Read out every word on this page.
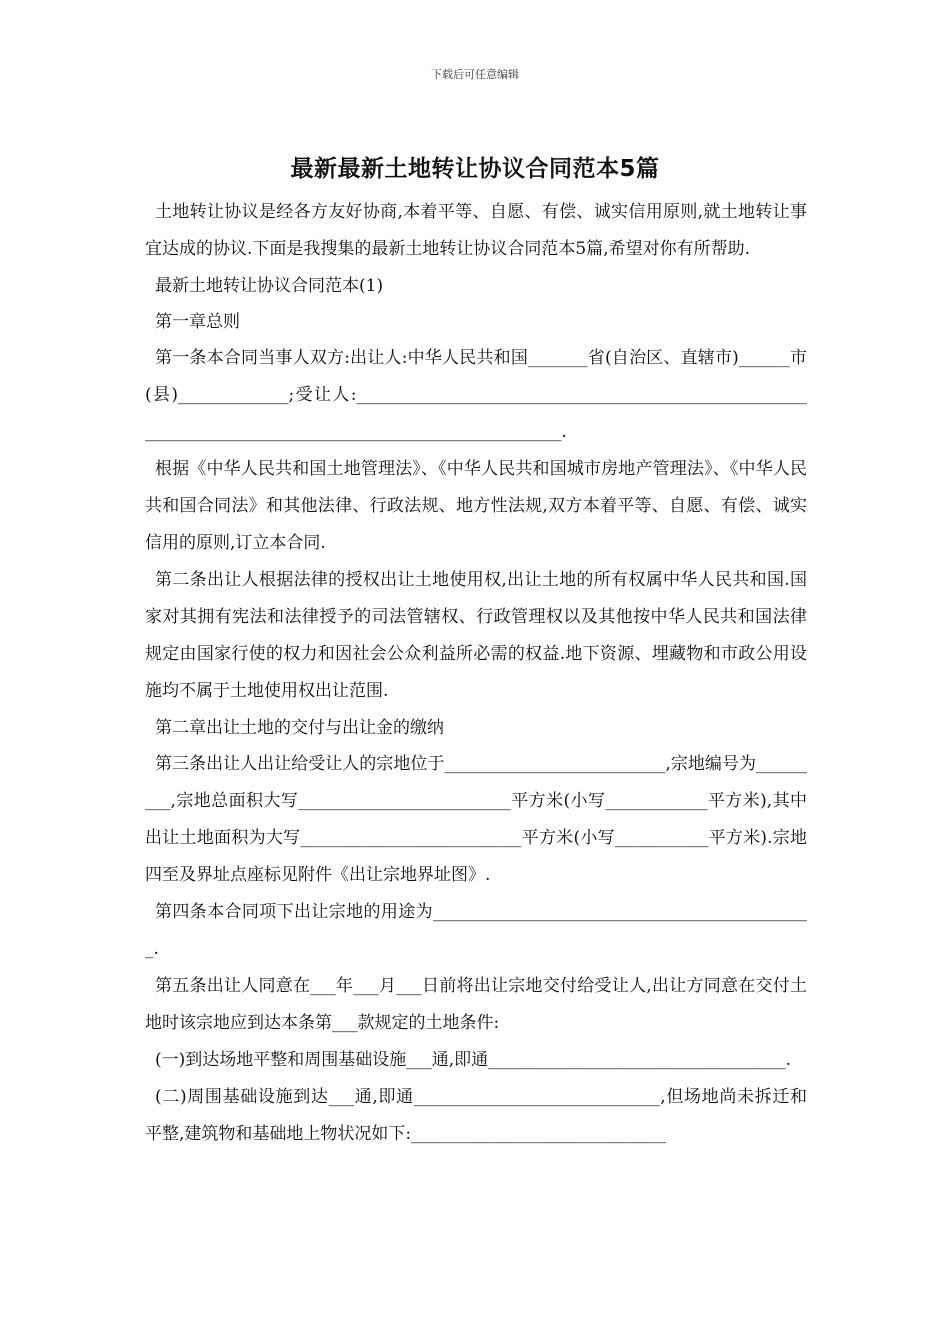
下载后可任意编辑
最新最新土地转让协议合同范本5篇

土地转让协议是经各方友好协商,本着平等、自愿、有偿、诚实信用原则,就土地转让事宜达成的协议.下面是我搜集的最新土地转让协议合同范本5篇,希望对你有所帮助.

最新土地转让协议合同范本(1)

第一章总则

第一条本合同当事人双方:出让人:中华人民共和国_______省(自治区、直辖市)______市(县)_____________;受让人:______________________________________________________________________________________________________.

根据《中华人民共和国土地管理法》、《中华人民共和国城市房地产管理法》、《中华人民共和国合同法》和其他法律、行政法规、地方性法规,双方本着平等、自愿、有偿、诚实信用的原则,订立本合同.

第二条出让人根据法律的授权出让土地使用权,出让土地的所有权属中华人民共和国.国家对其拥有宪法和法律授予的司法管辖权、行政管理权以及其他按中华人民共和国法律规定由国家行使的权力和因社会公众利益所必需的权益.地下资源、埋藏物和市政公用设施均不属于土地使用权出让范围.

第二章出让土地的交付与出让金的缴纳

第三条出让人出让给受让人的宗地位于__________________________,宗地编号为_________,宗地总面积大写_________________________平方米(小写____________平方米),其中出让土地面积为大写__________________________平方米(小写___________平方米).宗地四至及界址点座标见附件《出让宗地界址图》.

第四条本合同项下出让宗地的用途为_____________________________________________.

第五条出让人同意在___年___月___日前将出让宗地交付给受让人,出让方同意在交付土地时该宗地应到达本条第___款规定的土地条件:

(一)到达场地平整和周围基础设施___通,即通___________________________________.

(二)周围基础设施到达___通,即通_____________________________,但场地尚未拆迁和平整,建筑物和基础地上物状况如下:______________________________
